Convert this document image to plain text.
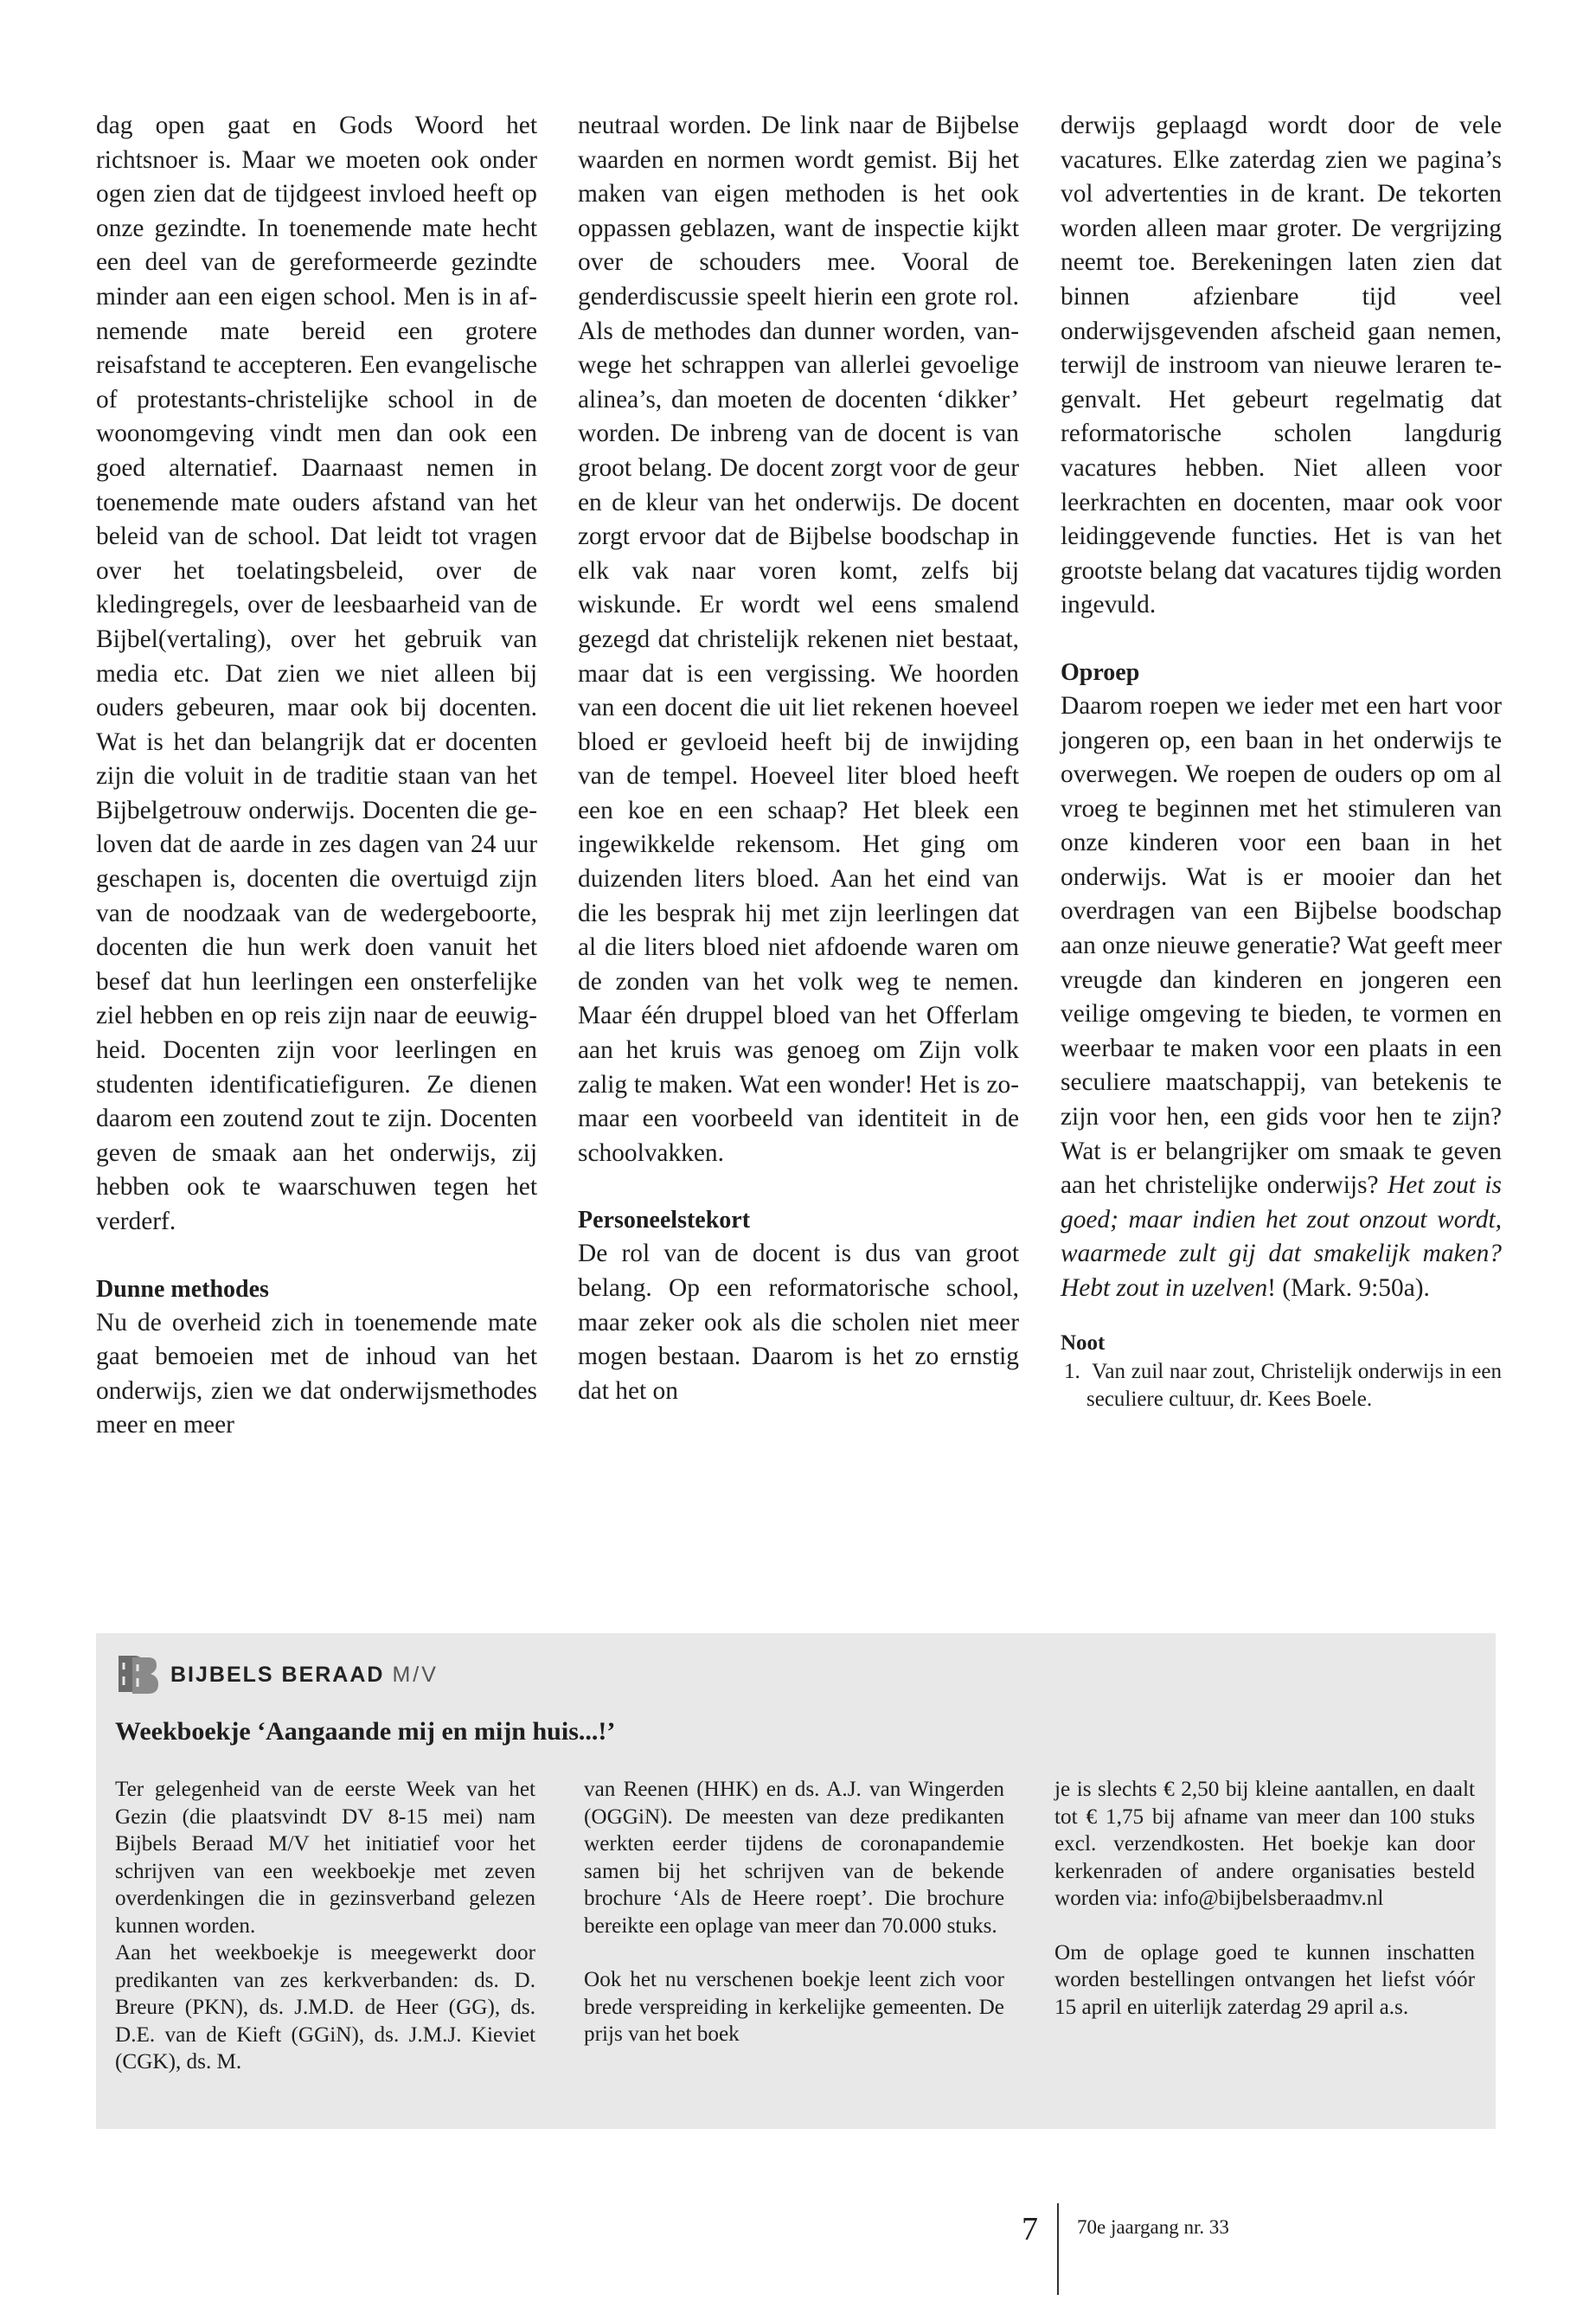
dag open gaat en Gods Woord het richtsnoer is. Maar we moeten ook onder ogen zien dat de tijdgeest invloed heeft op onze gezindte. In toenemende mate hecht een deel van de gereformeerde gezindte minder aan een eigen school. Men is in afnemende mate bereid een grotere reisafstand te accepteren. Een evangelische of protestants-christelijke school in de woonomgeving vindt men dan ook een goed alternatief. Daarnaast nemen in toenemende mate ouders afstand van het beleid van de school. Dat leidt tot vragen over het toelatingsbeleid, over de kledingregels, over de leesbaarheid van de Bijbel(vertaling), over het gebruik van media etc. Dat zien we niet alleen bij ouders gebeuren, maar ook bij docenten. Wat is het dan belangrijk dat er docenten zijn die voluit in de traditie staan van het Bijbelgetrouw onderwijs. Docenten die geloven dat de aarde in zes dagen van 24 uur geschapen is, docenten die overtuigd zijn van de noodzaak van de wedergeboorte, docenten die hun werk doen vanuit het besef dat hun leerlingen een onsterfelijke ziel hebben en op reis zijn naar de eeuwigheid. Docenten zijn voor leerlingen en studenten identificatiefiguren. Ze dienen daarom een zoutend zout te zijn. Docenten geven de smaak aan het onderwijs, zij hebben ook te waarschuwen tegen het verderf.

Dunne methodes

Nu de overheid zich in toenemende mate gaat bemoeien met de inhoud van het onderwijs, zien we dat onderwijsmethodes meer en meer

neutraal worden. De link naar de Bijbelse waarden en normen wordt gemist. Bij het maken van eigen methoden is het ook oppassen geblazen, want de inspectie kijkt over de schouders mee. Vooral de genderdiscussie speelt hierin een grote rol. Als de methodes dan dunner worden, vanwege het schrappen van allerlei gevoelige alinea’s, dan moeten de docenten ‘dikker’ worden. De inbreng van de docent is van groot belang. De docent zorgt voor de geur en de kleur van het onderwijs. De docent zorgt ervoor dat de Bijbelse boodschap in elk vak naar voren komt, zelfs bij wiskunde. Er wordt wel eens smalend gezegd dat christelijk rekenen niet bestaat, maar dat is een vergissing. We hoorden van een docent die uit liet rekenen hoeveel bloed er gevloeid heeft bij de inwijding van de tempel. Hoeveel liter bloed heeft een koe en een schaap? Het bleek een ingewikkelde rekensom. Het ging om duizenden liters bloed. Aan het eind van die les besprak hij met zijn leerlingen dat al die liters bloed niet afdoende waren om de zonden van het volk weg te nemen. Maar één druppel bloed van het Offerlam aan het kruis was genoeg om Zijn volk zalig te maken. Wat een wonder! Het is zomaar een voorbeeld van identiteit in de schoolvakken.

Personeelstekort

De rol van de docent is dus van groot belang. Op een reformatorische school, maar zeker ook als die scholen niet meer mogen bestaan. Daarom is het zo ernstig dat het on

derwijs geplaagd wordt door de vele vacatures. Elke zaterdag zien we pagina’s vol advertenties in de krant. De tekorten worden alleen maar groter. De vergrijzing neemt toe. Berekeningen laten zien dat binnen afzienbare tijd veel onderwijsgevenden afscheid gaan nemen, terwijl de instroom van nieuwe leraren tegenvalt. Het gebeurt regelmatig dat reformatorische scholen langdurig vacatures hebben. Niet alleen voor leerkrachten en docenten, maar ook voor leidinggevende functies. Het is van het grootste belang dat vacatures tijdig worden ingevuld.

Oproep

Daarom roepen we ieder met een hart voor jongeren op, een baan in het onderwijs te overwegen. We roepen de ouders op om al vroeg te beginnen met het stimuleren van onze kinderen voor een baan in het onderwijs. Wat is er mooier dan het overdragen van een Bijbelse boodschap aan onze nieuwe generatie? Wat geeft meer vreugde dan kinderen en jongeren een veilige omgeving te bieden, te vormen en weerbaar te maken voor een plaats in een seculiere maatschappij, van betekenis te zijn voor hen, een gids voor hen te zijn? Wat is er belangrijker om smaak te geven aan het christelijke onderwijs? Het zout is goed; maar indien het zout onzout wordt, waarmede zult gij dat smakelijk maken? Hebt zout in uzelven! (Mark. 9:50a).

Noot

1.  Van zuil naar zout, Christelijk onderwijs in een seculiere cultuur, dr. Kees Boele.

BIJBELS BERAAD M/V
Weekboekje ‘Aangaande mij en mijn huis...!’

Ter gelegenheid van de eerste Week van het Gezin (die plaatsvindt DV 8-15 mei) nam Bijbels Beraad M/V het initiatief voor het schrijven van een weekboekje met zeven overdenkingen die in gezinsverband gelezen kunnen worden.

Aan het weekboekje is meegewerkt door predikanten van zes kerkverbanden: ds. D. Breure (PKN), ds. J.M.D. de Heer (GG), ds. D.E. van de Kieft (GGiN), ds. J.M.J. Kieviet (CGK), ds. M.

van Reenen (HHK) en ds. A.J. van Wingerden (OGGiN). De meesten van deze predikanten werkten eerder tijdens de coronapandemie samen bij het schrijven van de bekende brochure ‘Als de Heere roept’. Die brochure bereikte een oplage van meer dan 70.000 stuks.

Ook het nu verschenen boekje leent zich voor brede verspreiding in kerkelijke gemeenten. De prijs van het boek

je is slechts € 2,50 bij kleine aantallen, en daalt tot € 1,75 bij afname van meer dan 100 stuks excl. verzendkosten. Het boekje kan door kerkenraden of andere organisaties besteld worden via: info@bijbelsberaadmv.nl

Om de oplage goed te kunnen inschatten worden bestellingen ontvangen het liefst vóór 15 april en uiterlijk zaterdag 29 april a.s.

7 70e jaargang nr. 33
